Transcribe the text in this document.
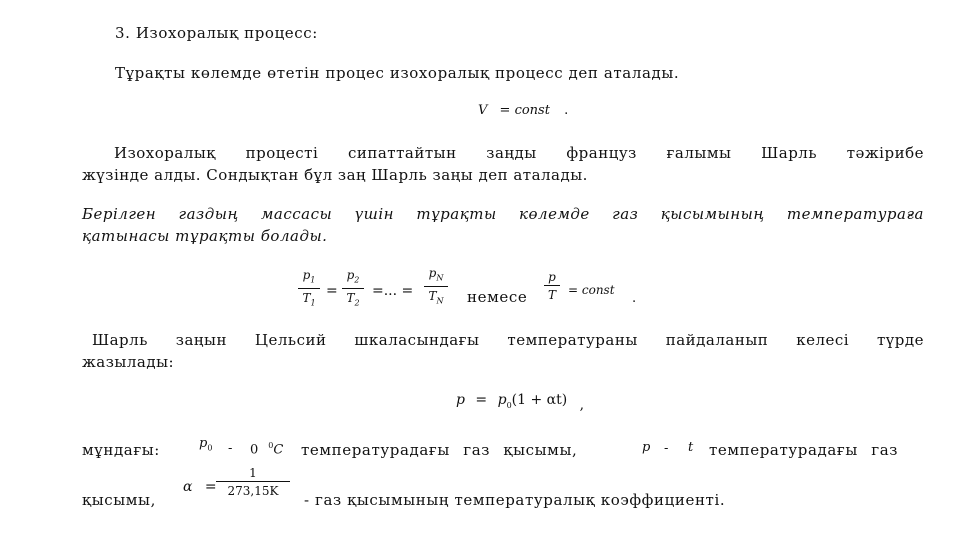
3. Изохоралық процесс:
Тұрақты көлемде өтетін процес изохоралық процесс деп аталады.
V = const .
Изохоралық процесті сипаттайтын заңды француз ғалымы Шарль тәжірибе
жүзінде алды. Сондықтан бұл заң Шарль заңы деп аталады.
Берілген газдың массасы үшін тұрақты көлемде газ қысымының температураға
қатынасы тұрақты болады.
$p_1$
$T_1$
=
$p_2$
$T_2$
=... =
$p_N$
$T_N$	немесе
p
T	= const
.
Шарль заңын Цельсий шкаласындағы температураны пайдаланып келесі түрде
жазылады:
$p = p_0(1 + \alpha t)$ ,
мұндағы:	$p_0 - 0$ $^0$C температурадағы газ қысымы,	p - t температурадағы газ
қысымы,
α =
1
273,15K	- газ қысымының температуралық коэффициенті.
